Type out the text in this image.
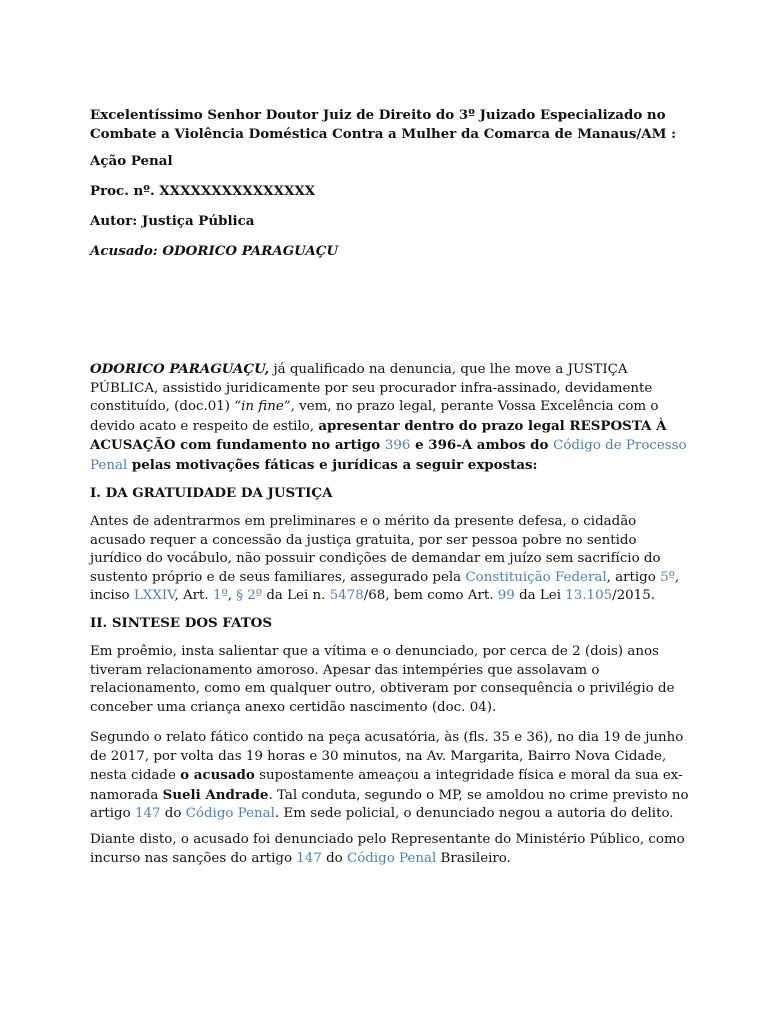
Excelentíssimo Senhor Doutor Juiz de Direito do 3º Juizado Especializado no
Combate a Violência Doméstica Contra a Mulher da Comarca de Manaus/AM :
Ação Penal
Proc. nº. XXXXXXXXXXXXXXX
Autor: Justiça Pública
Acusado: ODORICO PARAGUAÇU
ODORICO PARAGUAÇU, já qualificado na denuncia, que lhe move a JUSTIÇA PÚBLICA, assistido juridicamente por seu procurador infra-assinado, devidamente constituído, (doc.01) “in fine”, vem, no prazo legal, perante Vossa Excelência com o devido acato e respeito de estilo, apresentar dentro do prazo legal RESPOSTA À ACUSAÇÃO com fundamento no artigo 396 e 396-A ambos do Código de Processo Penal pelas motivações fáticas e jurídicas a seguir expostas:
I. DA GRATUIDADE DA JUSTIÇA
Antes de adentrarmos em preliminares e o mérito da presente defesa, o cidadão acusado requer a concessão da justiça gratuita, por ser pessoa pobre no sentido jurídico do vocábulo, não possuir condições de demandar em juízo sem sacrifício do sustento próprio e de seus familiares, assegurado pela Constituição Federal, artigo 5º, inciso LXXIV, Art. 1º, § 2º da Lei n. 5478/68, bem como Art. 99 da Lei 13.105/2015.
II. SINTESE DOS FATOS
Em proêmio, insta salientar que a vítima e o denunciado, por cerca de 2 (dois) anos tiveram relacionamento amoroso. Apesar das intempéries que assolavam o relacionamento, como em qualquer outro, obtiveram por consequência o privilégio de conceber uma criança anexo certidão nascimento (doc. 04).
Segundo o relato fático contido na peça acusatória, às (fls. 35 e 36), no dia 19 de junho de 2017, por volta das 19 horas e 30 minutos, na Av. Margarita, Bairro Nova Cidade, nesta cidade o acusado supostamente ameaçou a integridade física e moral da sua ex-namorada Sueli Andrade. Tal conduta, segundo o MP, se amoldou no crime previsto no artigo 147 do Código Penal. Em sede policial, o denunciado negou a autoria do delito.
Diante disto, o acusado foi denunciado pelo Representante do Ministério Público, como incurso nas sanções do artigo 147 do Código Penal Brasileiro.
